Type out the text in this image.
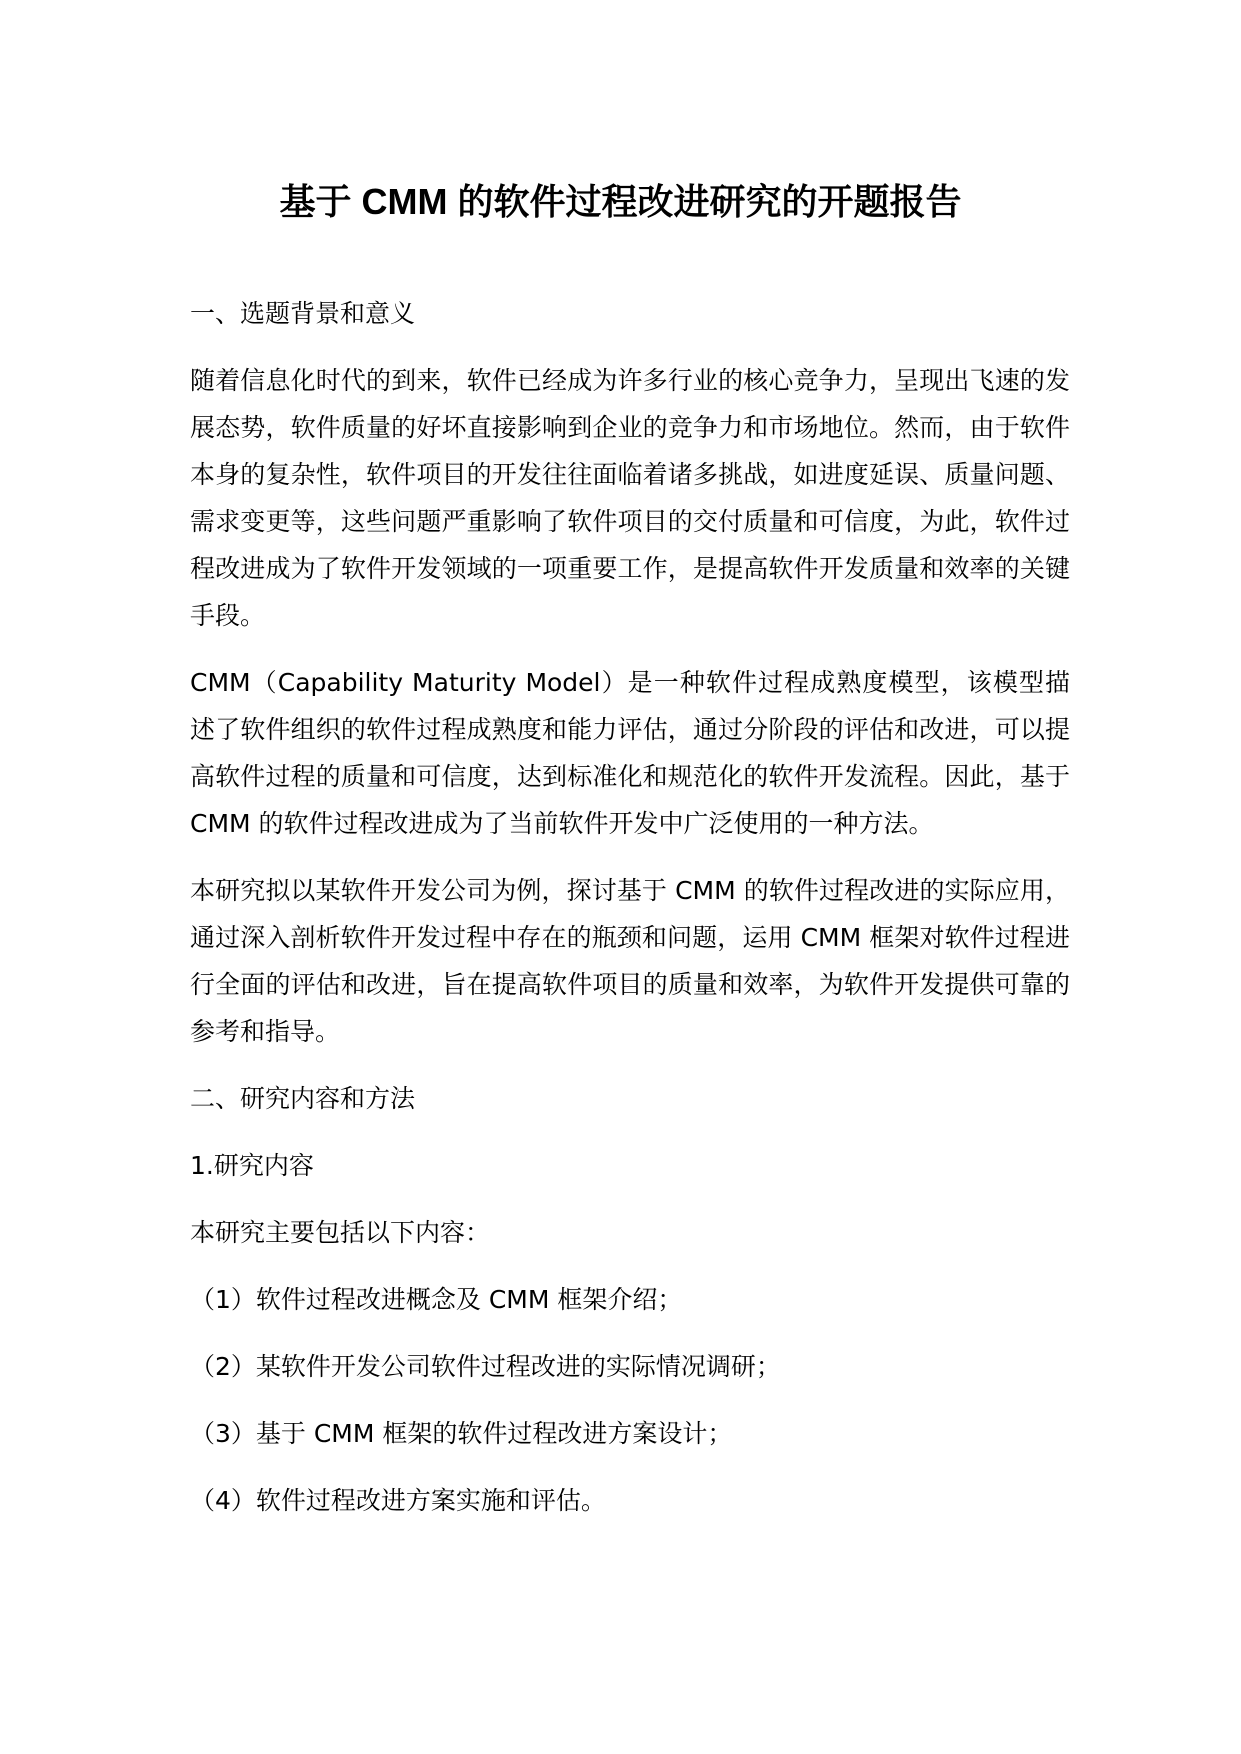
基于 CMM 的软件过程改进研究的开题报告

一、选题背景和意义

随着信息化时代的到来，软件已经成为许多行业的核心竞争力，呈现出飞速的发展态势，软件质量的好坏直接影响到企业的竞争力和市场地位。然而，由于软件本身的复杂性，软件项目的开发往往面临着诸多挑战，如进度延误、质量问题、需求变更等，这些问题严重影响了软件项目的交付质量和可信度，为此，软件过程改进成为了软件开发领域的一项重要工作，是提高软件开发质量和效率的关键手段。

CMM（Capability Maturity Model）是一种软件过程成熟度模型，该模型描述了软件组织的软件过程成熟度和能力评估，通过分阶段的评估和改进，可以提高软件过程的质量和可信度，达到标准化和规范化的软件开发流程。因此，基于 CMM 的软件过程改进成为了当前软件开发中广泛使用的一种方法。

本研究拟以某软件开发公司为例，探讨基于 CMM 的软件过程改进的实际应用，通过深入剖析软件开发过程中存在的瓶颈和问题，运用 CMM 框架对软件过程进行全面的评估和改进，旨在提高软件项目的质量和效率，为软件开发提供可靠的参考和指导。

二、研究内容和方法

1.研究内容

本研究主要包括以下内容：

（1）软件过程改进概念及 CMM 框架介绍；

（2）某软件开发公司软件过程改进的实际情况调研；

（3）基于 CMM 框架的软件过程改进方案设计；

（4）软件过程改进方案实施和评估。
